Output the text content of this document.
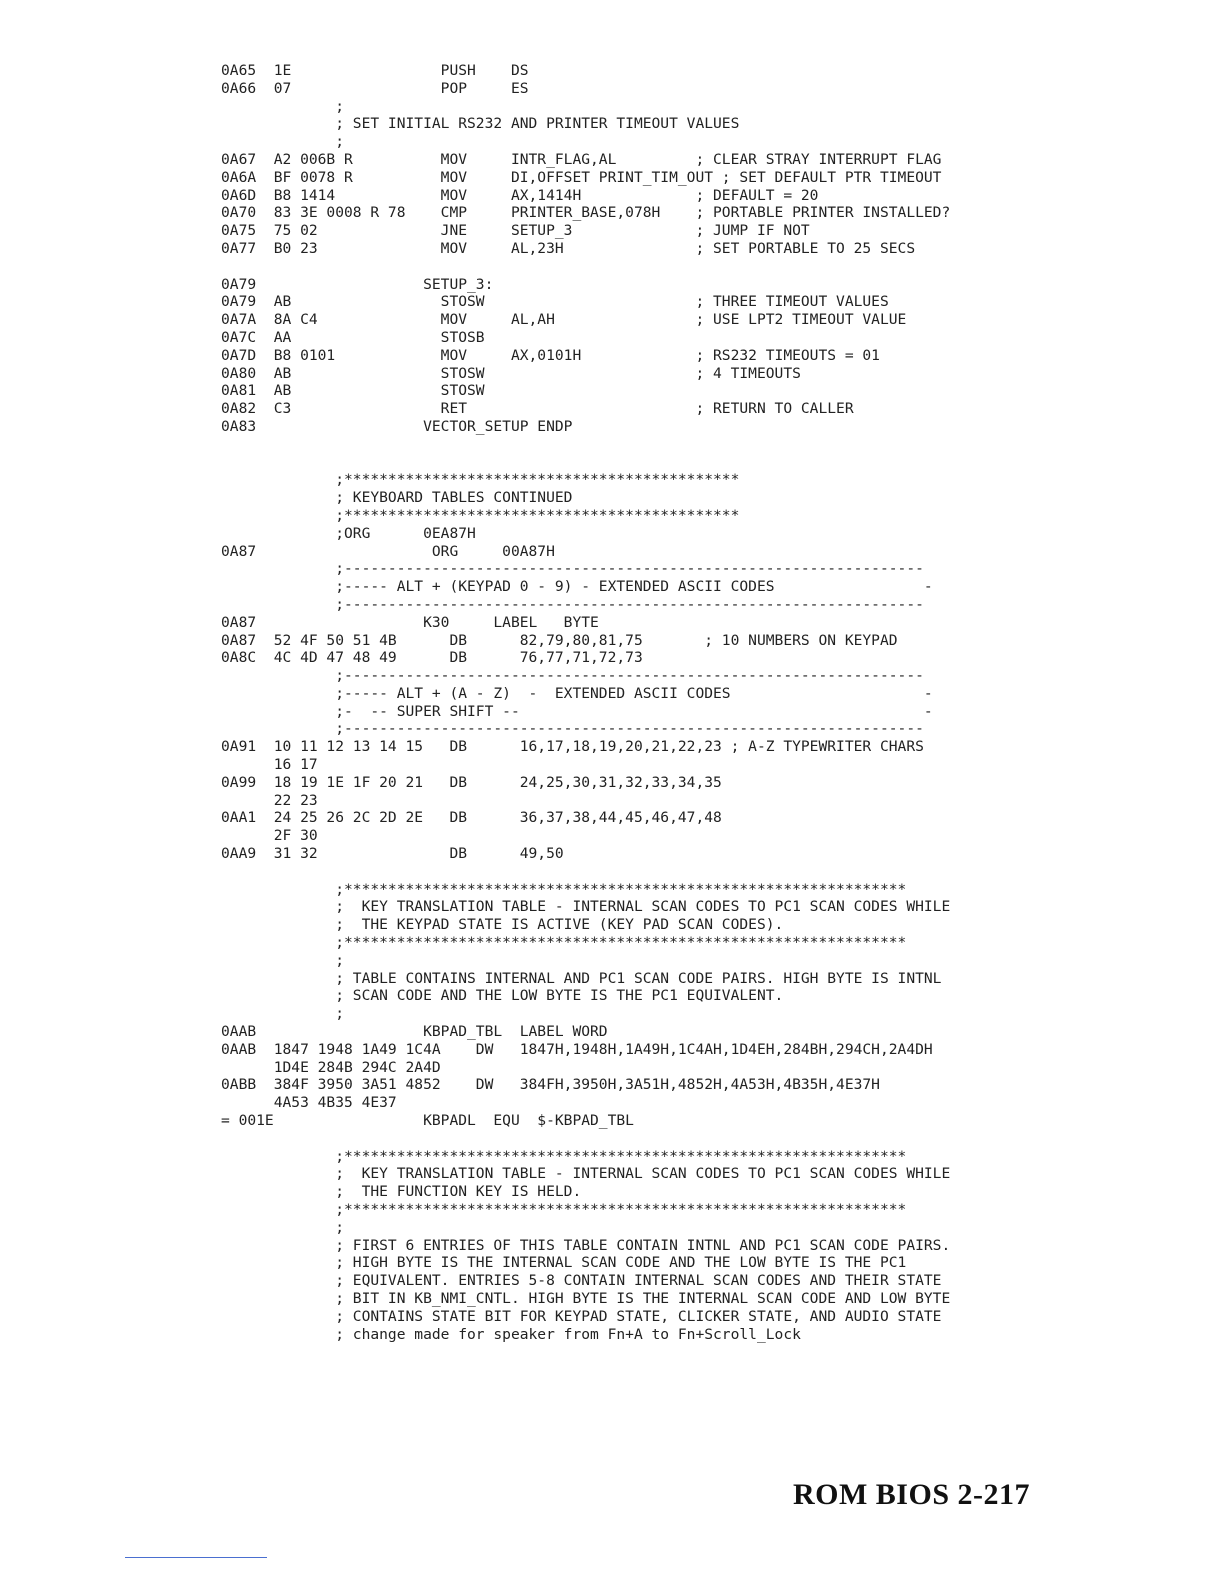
0A65  1E                 PUSH    DS
0A66  07                 POP     ES
;
; SET INITIAL RS232 AND PRINTER TIMEOUT VALUES
;
0A67  A2 006B R          MOV     INTR_FLAG,AL         ; CLEAR STRAY INTERRUPT FLAG
0A6A  BF 0078 R          MOV     DI,OFFSET PRINT_TIM_OUT ; SET DEFAULT PTR TIMEOUT
0A6D  B8 1414            MOV     AX,1414H             ; DEFAULT = 20
0A70  83 3E 0008 R 78    CMP     PRINTER_BASE,078H    ; PORTABLE PRINTER INSTALLED?
0A75  75 02              JNE     SETUP_3              ; JUMP IF NOT
0A77  B0 23              MOV     AL,23H               ; SET PORTABLE TO 25 SECS

0A79                   SETUP_3:
0A79  AB                 STOSW                        ; THREE TIMEOUT VALUES
0A7A  8A C4              MOV     AL,AH                ; USE LPT2 TIMEOUT VALUE
0A7C  AA                 STOSB
0A7D  B8 0101            MOV     AX,0101H             ; RS232 TIMEOUTS = 01
0A80  AB                 STOSW                        ; 4 TIMEOUTS
0A81  AB                 STOSW
0A82  C3                 RET                          ; RETURN TO CALLER
0A83                   VECTOR_SETUP ENDP

;*********************************************
; KEYBOARD TABLES CONTINUED
;*********************************************
;ORG      0EA87H
0A87                    ORG     00A87H
;------------------------------------------------------------------
;----- ALT + (KEYPAD 0 - 9) - EXTENDED ASCII CODES                 -
;------------------------------------------------------------------
0A87                   K30     LABEL   BYTE
0A87  52 4F 50 51 4B      DB      82,79,80,81,75       ; 10 NUMBERS ON KEYPAD
0A8C  4C 4D 47 48 49      DB      76,77,71,72,73
;------------------------------------------------------------------
;----- ALT + (A - Z)  -  EXTENDED ASCII CODES                      -
;-  -- SUPER SHIFT --                                              -
;------------------------------------------------------------------
0A91  10 11 12 13 14 15   DB      16,17,18,19,20,21,22,23 ; A-Z TYPEWRITER CHARS
16 17
0A99  18 19 1E 1F 20 21   DB      24,25,30,31,32,33,34,35
22 23
0AA1  24 25 26 2C 2D 2E   DB      36,37,38,44,45,46,47,48
2F 30
0AA9  31 32               DB      49,50

;****************************************************************
;  KEY TRANSLATION TABLE - INTERNAL SCAN CODES TO PC1 SCAN CODES WHILE
;  THE KEYPAD STATE IS ACTIVE (KEY PAD SCAN CODES).
;****************************************************************
;
; TABLE CONTAINS INTERNAL AND PC1 SCAN CODE PAIRS. HIGH BYTE IS INTNL
; SCAN CODE AND THE LOW BYTE IS THE PC1 EQUIVALENT.
;
0AAB                   KBPAD_TBL  LABEL WORD
0AAB  1847 1948 1A49 1C4A    DW   1847H,1948H,1A49H,1C4AH,1D4EH,284BH,294CH,2A4DH
1D4E 284B 294C 2A4D
0ABB  384F 3950 3A51 4852    DW   384FH,3950H,3A51H,4852H,4A53H,4B35H,4E37H
4A53 4B35 4E37
= 001E                 KBPADL  EQU  $-KBPAD_TBL

;****************************************************************
;  KEY TRANSLATION TABLE - INTERNAL SCAN CODES TO PC1 SCAN CODES WHILE
;  THE FUNCTION KEY IS HELD.
;****************************************************************
;
; FIRST 6 ENTRIES OF THIS TABLE CONTAIN INTNL AND PC1 SCAN CODE PAIRS.
; HIGH BYTE IS THE INTERNAL SCAN CODE AND THE LOW BYTE IS THE PC1
; EQUIVALENT. ENTRIES 5-8 CONTAIN INTERNAL SCAN CODES AND THEIR STATE
; BIT IN KB_NMI_CNTL. HIGH BYTE IS THE INTERNAL SCAN CODE AND LOW BYTE
; CONTAINS STATE BIT FOR KEYPAD STATE, CLICKER STATE, AND AUDIO STATE
; change made for speaker from Fn+A to Fn+Scroll_Lock
ROM BIOS 2-217
